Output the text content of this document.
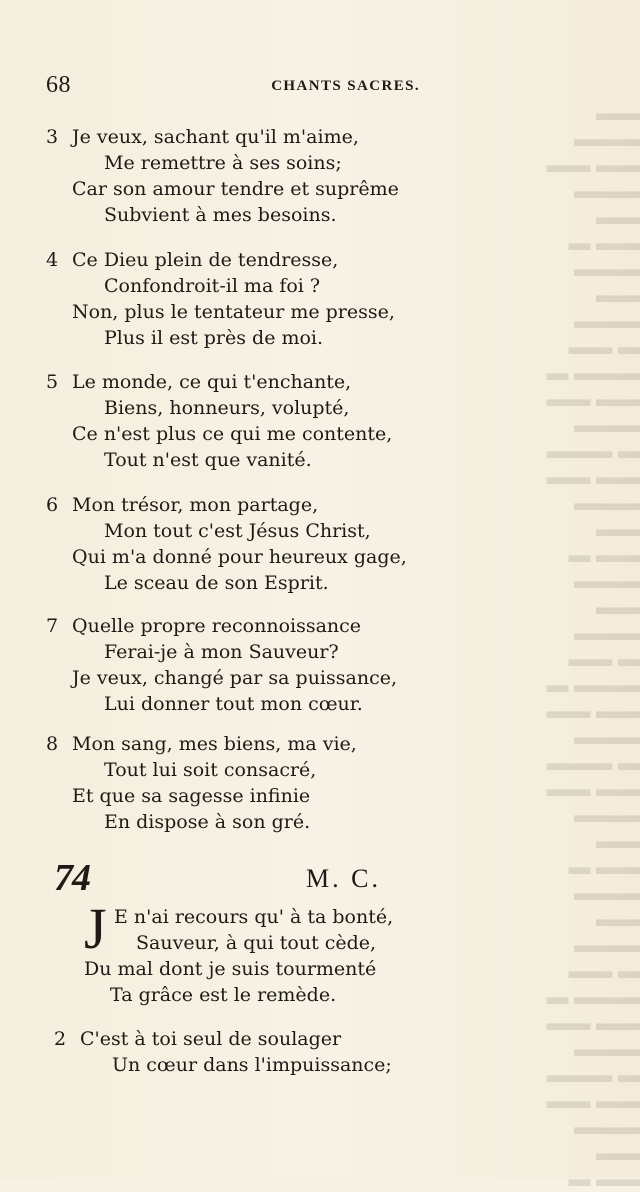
▬▬ ▬▬▬
▬▬ ▬▬
▬▬▬ ▬▬
▬▬ ▬
▬▬▬
▬▬ ▬▬▬
▬ ▬▬
▬▬▬ ▬
▬▬ ▬▬
▬▬▬
▬ ▬▬▬
▬▬ ▬▬
▬▬▬ ▬▬
▬▬ ▬
▬▬▬
▬▬ ▬▬▬
▬ ▬▬
▬▬▬ ▬
▬▬ ▬▬
▬▬▬
▬ ▬▬▬
▬▬ ▬▬
▬▬▬ ▬▬
▬▬ ▬
▬▬▬
▬▬ ▬▬▬
▬ ▬▬
▬▬▬ ▬
▬▬ ▬▬
▬▬▬
▬ ▬▬▬
▬▬ ▬▬
▬▬▬ ▬▬
▬▬ ▬
68	CHANTS SACRES.
3 Je veux, sachant qu'il m'aime,
Me remettre à ses soins;
Car son amour tendre et suprême
Subvient à mes besoins.
4 Ce Dieu plein de tendresse,
Confondroit-il ma foi ?
Non, plus le tentateur me presse,
Plus il est près de moi.
5 Le monde, ce qui t'enchante,
Biens, honneurs, volupté,
Ce n'est plus ce qui me contente,
Tout n'est que vanité.
6 Mon trésor, mon partage,
Mon tout c'est Jésus Christ,
Qui m'a donné pour heureux gage,
Le sceau de son Esprit.
7 Quelle propre reconnoissance
Ferai-je à mon Sauveur?
Je veux, changé par sa puissance,
Lui donner tout mon cœur.
8 Mon sang, mes biens, ma vie,
Tout lui soit consacré,
Et que sa sagesse infinie
En dispose à son gré.
74	M. C.
J E n'ai recours qu' à ta bonté,
Sauveur, à qui tout cède,
Du mal dont je suis tourmenté
Ta grâce est le remède.
2 C'est à toi seul de soulager
Un cœur dans l'impuissance;
